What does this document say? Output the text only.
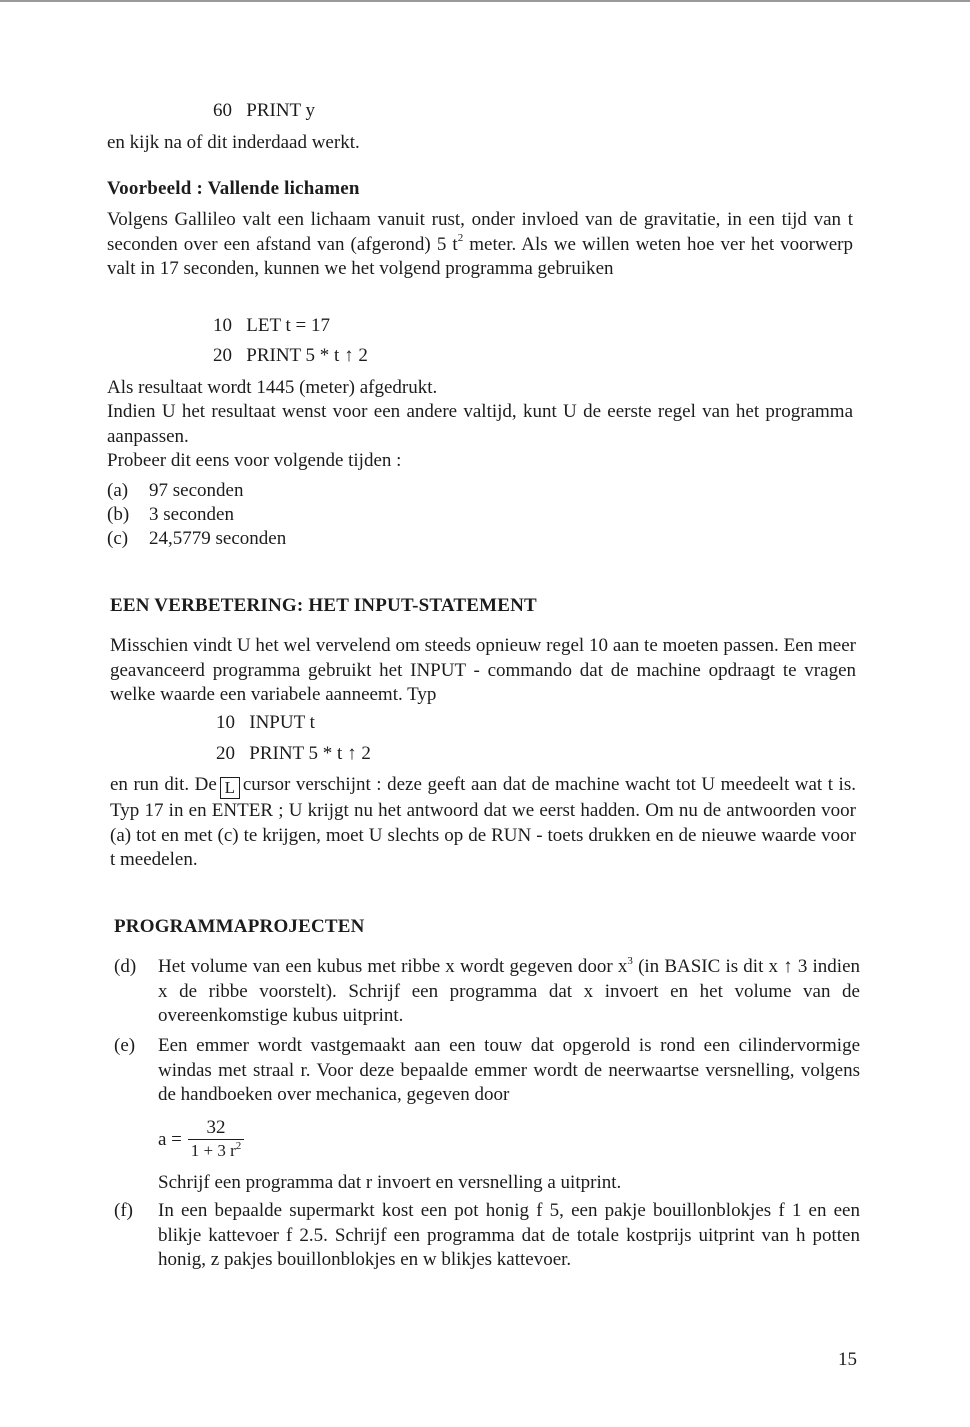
60 PRINT y

en kijk na of dit inderdaad werkt.

Voorbeeld : Vallende lichamen

Volgens Gallileo valt een lichaam vanuit rust, onder invloed van de gravitatie, in een tijd van t seconden over een afstand van (afgerond) 5 $t^2$ meter. Als we willen weten hoe ver het voorwerp valt in 17 seconden, kunnen we het volgend programma gebruiken

10 LET t = 17
20 PRINT 5 * t ↑ 2

Als resultaat wordt 1445 (meter) afgedrukt.

Indien U het resultaat wenst voor een andere valtijd, kunt U de eerste regel van het programma aanpassen.

Probeer dit eens voor volgende tijden :

(a) 97 seconden
(b) 3 seconden
(c) 24,5779 seconden
EEN VERBETERING: HET INPUT-STATEMENT

Misschien vindt U het wel vervelend om steeds opnieuw regel 10 aan te moeten passen. Een meer geavanceerd programma gebruikt het INPUT - commando dat de machine opdraagt te vragen welke waarde een variabele aanneemt. Typ

10 INPUT t
20 PRINT 5 * t ↑ 2

en run dit. De L cursor verschijnt : deze geeft aan dat de machine wacht tot U meedeelt wat t is. Typ 17 in en ENTER ; U krijgt nu het antwoord dat we eerst hadden. Om nu de antwoorden voor (a) tot en met (c) te krijgen, moet U slechts op de RUN - toets drukken en de nieuwe waarde voor t meedelen.

PROGRAMMAPROJECTEN
(d) Het volume van een kubus met ribbe x wordt gegeven door $x^3$ (in BASIC is dit x ↑ 3 indien x de ribbe voorstelt). Schrijf een programma dat x invoert en het volume van de overeenkomstige kubus uitprint.

(e) Een emmer wordt vastgemaakt aan een touw dat opgerold is rond een cilindervormige windas met straal r. Voor deze bepaalde emmer wordt de neerwaartse versnelling, volgens de handboeken over mechanica, gegeven door

a =
32
1 + 3 $r^2$

Schrijf een programma dat r invoert en versnelling a uitprint.

(f) In een bepaalde supermarkt kost een pot honig f 5, een pakje bouillonblokjes f 1 en een blikje kattevoer f 2.5. Schrijf een programma dat de totale kostprijs uitprint van h potten honig, z pakjes bouillonblokjes en w blikjes kattevoer.

15
